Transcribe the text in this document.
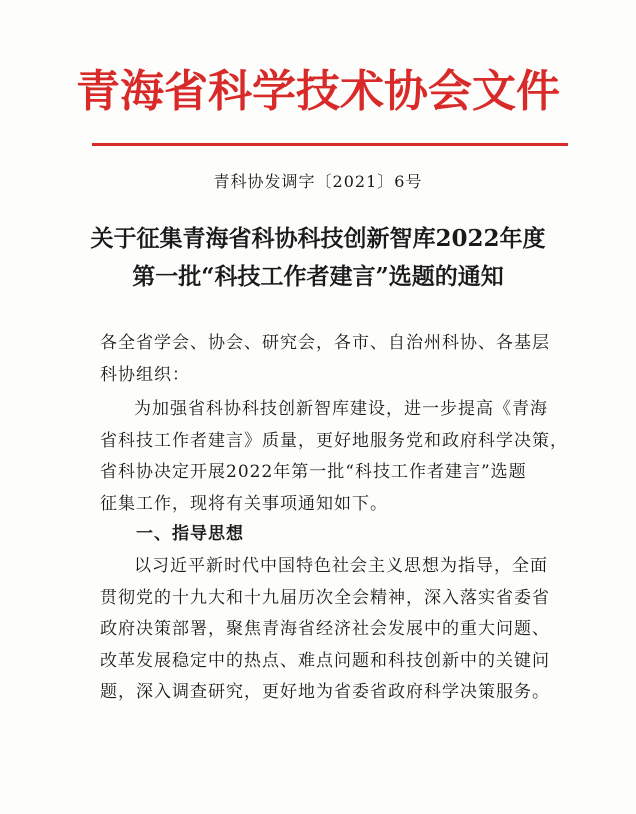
青海省科学技术协会文件
青科协发调字〔2021〕6号
关于征集青海省科协科技创新智库2022年度
第一批“科技工作者建言”选题的通知
各全省学会、协会、研究会，各市、自治州科协、各基层
科协组织：
为加强省科协科技创新智库建设，进一步提高《青海
省科技工作者建言》质量，更好地服务党和政府科学决策，
省科协决定开展2022年第一批“科技工作者建言”选题
征集工作，现将有关事项通知如下。
一、指导思想
以习近平新时代中国特色社会主义思想为指导，全面
贯彻党的十九大和十九届历次全会精神，深入落实省委省
政府决策部署，聚焦青海省经济社会发展中的重大问题、
改革发展稳定中的热点、难点问题和科技创新中的关键问
题，深入调查研究，更好地为省委省政府科学决策服务。
